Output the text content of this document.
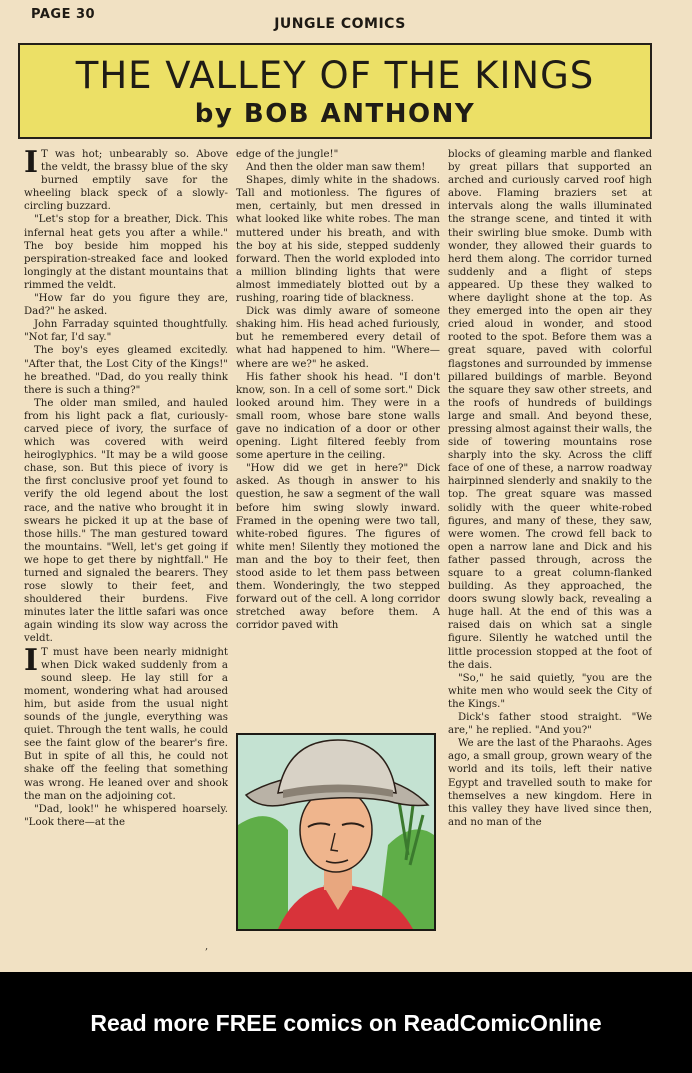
PAGE 30
JUNGLE COMICS
THE VALLEY OF THE KINGS
by BOB ANTHONY

I T was hot; unbearably so. Above the veldt, the brassy blue of the sky burned emptily save for the wheeling black speck of a slowly-circling buzzard.

"Let's stop for a breather, Dick. This infernal heat gets you after a while." The boy beside him mopped his perspiration-streaked face and looked longingly at the distant mountains that rimmed the veldt.

"How far do you figure they are, Dad?" he asked.

John Farraday squinted thoughtfully. "Not far, I'd say."

The boy's eyes gleamed excitedly. "After that, the Lost City of the Kings!" he breathed. "Dad, do you really think there is such a thing?"

The older man smiled, and hauled from his light pack a flat, curiously-carved piece of ivory, the surface of which was covered with weird heiroglyphics. "It may be a wild goose chase, son. But this piece of ivory is the first conclusive proof yet found to verify the old legend about the lost race, and the native who brought it in swears he picked it up at the base of those hills." The man gestured toward the mountains. "Well, let's get going if we hope to get there by nightfall." He turned and signaled the bearers. They rose slowly to their feet, and shouldered their burdens. Five minutes later the little safari was once again winding its slow way across the veldt.

I T must have been nearly midnight when Dick waked suddenly from a sound sleep. He lay still for a moment, wondering what had aroused him, but aside from the usual night sounds of the jungle, everything was quiet. Through the tent walls, he could see the faint glow of the bearer's fire. But in spite of all this, he could not shake off the feeling that something was wrong. He leaned over and shook the man on the adjoining cot.

"Dad, look!" he whispered hoarsely. "Look there—at the

edge of the jungle!"

And then the older man saw them!

Shapes, dimly white in the shadows. Tall and motionless. The figures of men, certainly, but men dressed in what looked like white robes. The man muttered under his breath, and with the boy at his side, stepped suddenly forward. Then the world exploded into a million blinding lights that were almost immediately blotted out by a rushing, roaring tide of blackness.

Dick was dimly aware of someone shaking him. His head ached furiously, but he remembered every detail of what had happened to him. "Where—where are we?" he asked.

His father shook his head. "I don't know, son. In a cell of some sort." Dick looked around him. They were in a small room, whose bare stone walls gave no indication of a door or other opening. Light filtered feebly from some aperture in the ceiling.

"How did we get in here?" Dick asked. As though in answer to his question, he saw a segment of the wall before him swing slowly inward. Framed in the opening were two tall, white-robed figures. The figures of white men! Silently they motioned the man and the boy to their feet, then stood aside to let them pass between them. Wonderingly, the two stepped forward out of the cell. A long corridor stretched away before them. A corridor paved with

blocks of gleaming marble and flanked by great pillars that supported an arched and curiously carved roof high above. Flaming braziers set at intervals along the walls illuminated the strange scene, and tinted it with their swirling blue smoke. Dumb with wonder, they allowed their guards to herd them along. The corridor turned suddenly and a flight of steps appeared. Up these they walked to where daylight shone at the top. As they emerged into the open air they cried aloud in wonder, and stood rooted to the spot. Before them was a great square, paved with colorful flagstones and surrounded by immense pillared buildings of marble. Beyond the square they saw other streets, and the roofs of hundreds of buildings large and small. And beyond these, pressing almost against their walls, the side of towering mountains rose sharply into the sky. Across the cliff face of one of these, a narrow roadway hairpinned slenderly and snakily to the top. The great square was massed solidly with the queer white-robed figures, and many of these, they saw, were women. The crowd fell back to open a narrow lane and Dick and his father passed through, across the square to a great column-flanked building. As they approached, the doors swung slowly back, revealing a huge hall. At the end of this was a raised dais on which sat a single figure. Silently he watched until the little procession stopped at the foot of the dais.

"So," he said quietly, "you are the white men who would seek the City of the Kings."

Dick's father stood straight. "We are," he replied. "And you?"

We are the last of the Pharaohs. Ages ago, a small group, grown weary of the world and its toils, left their native Egypt and travelled south to make for themselves a new kingdom. Here in this valley they have lived since then, and no man of the

,
Read more FREE comics on ReadComicOnline
